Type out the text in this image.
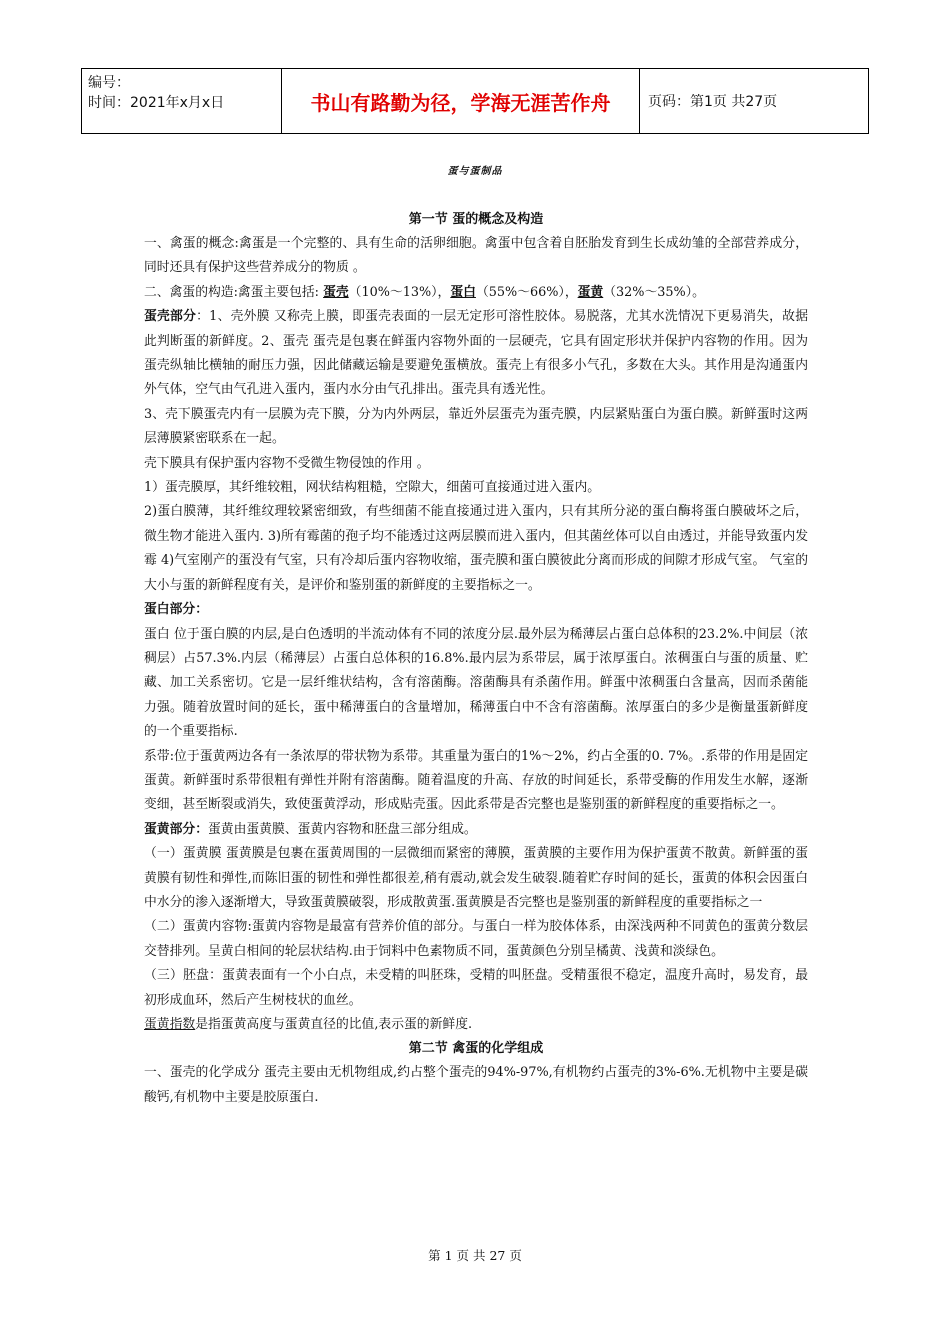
编号：
时间：2021年x月x日	书山有路勤为径，学海无涯苦作舟	页码：第1页 共27页
蛋与蛋制品
第一节 蛋的概念及构造

一、禽蛋的概念:禽蛋是一个完整的、具有生命的活卵细胞。禽蛋中包含着自胚胎发育到生长成幼雏的全部营养成分，同时还具有保护这些营养成分的物质 。

二、禽蛋的构造:禽蛋主要包括: 蛋壳（10%～13%），蛋白（55%～66%），蛋黄（32%～35%）。

蛋壳部分：1、壳外膜 又称壳上膜，即蛋壳表面的一层无定形可溶性胶体。易脱落，尤其水洗情况下更易消失，故据此判断蛋的新鲜度。2、蛋壳 蛋壳是包裹在鲜蛋内容物外面的一层硬壳，它具有固定形状并保护内容物的作用。因为蛋壳纵轴比横轴的耐压力强，因此储藏运输是要避免蛋横放。蛋壳上有很多小气孔，多数在大头。其作用是沟通蛋内外气体，空气由气孔进入蛋内，蛋内水分由气孔排出。蛋壳具有透光性。

3、壳下膜蛋壳内有一层膜为壳下膜，分为内外两层，靠近外层蛋壳为蛋壳膜，内层紧贴蛋白为蛋白膜。新鲜蛋时这两层薄膜紧密联系在一起。

壳下膜具有保护蛋内容物不受微生物侵蚀的作用 。

1）蛋壳膜厚，其纤维较粗，网状结构粗糙，空隙大，细菌可直接通过进入蛋内。

2)蛋白膜薄，其纤维纹理较紧密细致，有些细菌不能直接通过进入蛋内，只有其所分泌的蛋白酶将蛋白膜破坏之后，微生物才能进入蛋内. 3)所有霉菌的孢子均不能透过这两层膜而进入蛋内，但其菌丝体可以自由透过，并能导致蛋内发霉 4)气室刚产的蛋没有气室，只有冷却后蛋内容物收缩，蛋壳膜和蛋白膜彼此分离而形成的间隙才形成气室。 气室的大小与蛋的新鲜程度有关，是评价和鉴别蛋的新鲜度的主要指标之一。

蛋白部分：

蛋白 位于蛋白膜的内层,是白色透明的半流动体有不同的浓度分层.最外层为稀薄层占蛋白总体积的23.2%.中间层（浓稠层）占57.3%.内层（稀薄层）占蛋白总体积的16.8%.最内层为系带层，属于浓厚蛋白。浓稠蛋白与蛋的质量、贮藏、加工关系密切。它是一层纤维状结构，含有溶菌酶。溶菌酶具有杀菌作用。鲜蛋中浓稠蛋白含量高，因而杀菌能力强。随着放置时间的延长，蛋中稀薄蛋白的含量增加，稀薄蛋白中不含有溶菌酶。浓厚蛋白的多少是衡量蛋新鲜度的一个重要指标.

系带:位于蛋黄两边各有一条浓厚的带状物为系带。其重量为蛋白的1%～2%，约占全蛋的0. 7%。.系带的作用是固定蛋黄。新鲜蛋时系带很粗有弹性并附有溶菌酶。随着温度的升高、存放的时间延长，系带受酶的作用发生水解，逐渐变细，甚至断裂或消失，致使蛋黄浮动，形成贴壳蛋。因此系带是否完整也是鉴别蛋的新鲜程度的重要指标之一。

蛋黄部分：蛋黄由蛋黄膜、蛋黄内容物和胚盘三部分组成。

（一）蛋黄膜 蛋黄膜是包裹在蛋黄周围的一层微细而紧密的薄膜，蛋黄膜的主要作用为保护蛋黄不散黄。新鲜蛋的蛋黄膜有韧性和弹性,而陈旧蛋的韧性和弹性都很差,稍有震动,就会发生破裂.随着贮存时间的延长，蛋黄的体积会因蛋白中水分的渗入逐渐增大，导致蛋黄膜破裂，形成散黄蛋.蛋黄膜是否完整也是鉴别蛋的新鲜程度的重要指标之一

（二）蛋黄内容物:蛋黄内容物是最富有营养价值的部分。与蛋白一样为胶体体系，由深浅两种不同黄色的蛋黄分数层交替排列。呈黄白相间的轮层状结构.由于饲料中色素物质不同，蛋黄颜色分别呈橘黄、浅黄和淡绿色。

（三）胚盘：蛋黄表面有一个小白点，未受精的叫胚珠，受精的叫胚盘。受精蛋很不稳定，温度升高时，易发育，最初形成血环，然后产生树枝状的血丝。

蛋黄指数是指蛋黄高度与蛋黄直径的比值,表示蛋的新鲜度.

第二节 禽蛋的化学组成

一、蛋壳的化学成分 蛋壳主要由无机物组成,约占整个蛋壳的94%-97%,有机物约占蛋壳的3%-6%.无机物中主要是碳酸钙,有机物中主要是胶原蛋白.

第 1 页 共 27 页
